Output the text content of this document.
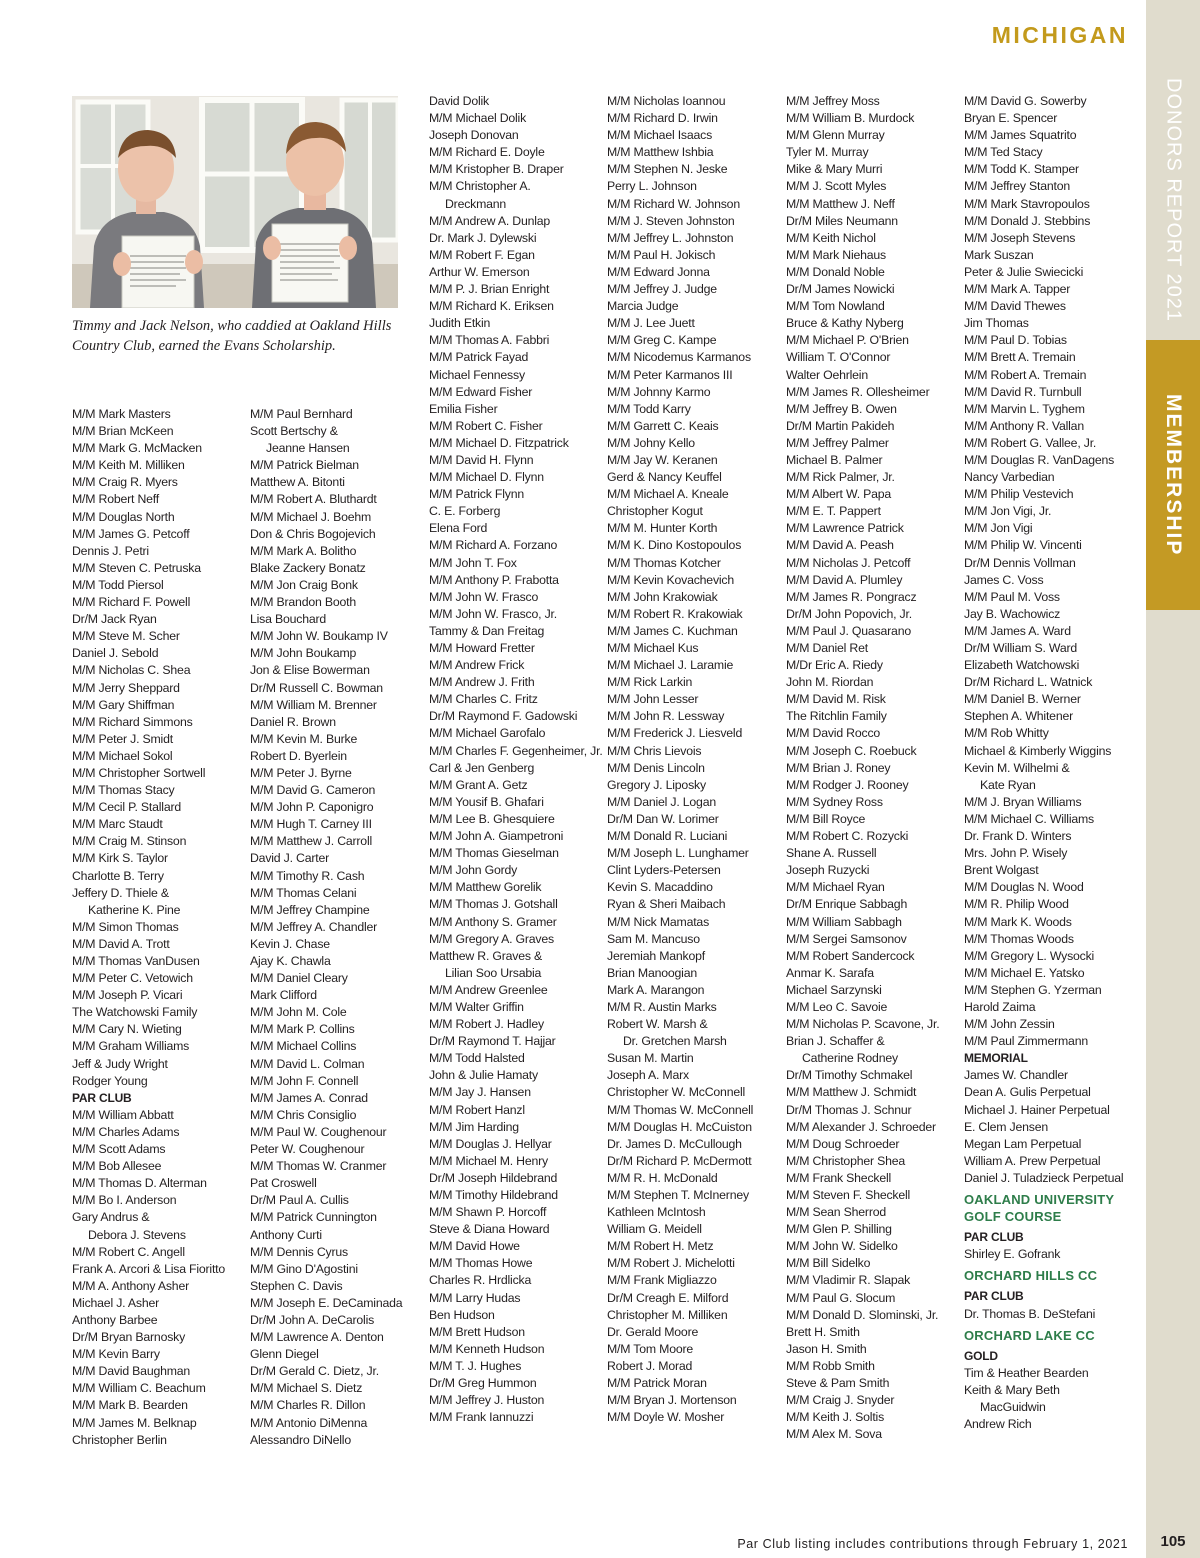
MICHIGAN
DONORS REPORT 2021
MEMBERSHIP
Timmy and Jack Nelson, who caddied at Oakland Hills Country Club, earned the Evans Scholarship.
M/M Mark Masters
M/M Brian McKeen
M/M Mark G. McMacken
M/M Keith M. Milliken
M/M Craig R. Myers
M/M Robert Neff
M/M Douglas North
M/M James G. Petcoff
Dennis J. Petri
M/M Steven C. Petruska
M/M Todd Piersol
M/M Richard F. Powell
Dr/M Jack Ryan
M/M Steve M. Scher
Daniel J. Sebold
M/M Nicholas C. Shea
M/M Jerry Sheppard
M/M Gary Shiffman
M/M Richard Simmons
M/M Peter J. Smidt
M/M Michael Sokol
M/M Christopher Sortwell
M/M Thomas Stacy
M/M Cecil P. Stallard
M/M Marc Staudt
M/M Craig M. Stinson
M/M Kirk S. Taylor
Charlotte B. Terry
Jeffery D. Thiele &
Katherine K. Pine
M/M Simon Thomas
M/M David A. Trott
M/M Thomas VanDusen
M/M Peter C. Vetowich
M/M Joseph P. Vicari
The Watchowski Family
M/M Cary N. Wieting
M/M Graham Williams
Jeff & Judy Wright
Rodger Young
PAR CLUB
M/M William Abbatt
M/M Charles Adams
M/M Scott Adams
M/M Bob Allesee
M/M Thomas D. Alterman
M/M Bo I. Anderson
Gary Andrus &
Debora J. Stevens
M/M Robert C. Angell
Frank A. Arcori & Lisa Fioritto
M/M A. Anthony Asher
Michael J. Asher
Anthony Barbee
Dr/M Bryan Barnosky
M/M Kevin Barry
M/M David Baughman
M/M William C. Beachum
M/M Mark B. Bearden
M/M James M. Belknap
Christopher Berlin
M/M Paul Bernhard
Scott Bertschy &
Jeanne Hansen
M/M Patrick Bielman
Matthew A. Bitonti
M/M Robert A. Bluthardt
M/M Michael J. Boehm
Don & Chris Bogojevich
M/M Mark A. Bolitho
Blake Zackery Bonatz
M/M Jon Craig Bonk
M/M Brandon Booth
Lisa Bouchard
M/M John W. Boukamp IV
M/M John Boukamp
Jon & Elise Bowerman
Dr/M Russell C. Bowman
M/M William M. Brenner
Daniel R. Brown
M/M Kevin M. Burke
Robert D. Byerlein
M/M Peter J. Byrne
M/M David G. Cameron
M/M John P. Caponigro
M/M Hugh T. Carney III
M/M Matthew J. Carroll
David J. Carter
M/M Timothy R. Cash
M/M Thomas Celani
M/M Jeffrey Champine
M/M Jeffrey A. Chandler
Kevin J. Chase
Ajay K. Chawla
M/M Daniel Cleary
Mark Clifford
M/M John M. Cole
M/M Mark P. Collins
M/M Michael Collins
M/M David L. Colman
M/M John F. Connell
M/M James A. Conrad
M/M Chris Consiglio
M/M Paul W. Coughenour
Peter W. Coughenour
M/M Thomas W. Cranmer
Pat Croswell
Dr/M Paul A. Cullis
M/M Patrick Cunnington
Anthony Curti
M/M Dennis Cyrus
M/M Gino D'Agostini
Stephen C. Davis
M/M Joseph E. DeCaminada
Dr/M John A. DeCarolis
M/M Lawrence A. Denton
Glenn Diegel
Dr/M Gerald C. Dietz, Jr.
M/M Michael S. Dietz
M/M Charles R. Dillon
M/M Antonio DiMenna
Alessandro DiNello
David Dolik
M/M Michael Dolik
Joseph Donovan
M/M Richard E. Doyle
M/M Kristopher B. Draper
M/M Christopher A.
Dreckmann
M/M Andrew A. Dunlap
Dr. Mark J. Dylewski
M/M Robert F. Egan
Arthur W. Emerson
M/M P. J. Brian Enright
M/M Richard K. Eriksen
Judith Etkin
M/M Thomas A. Fabbri
M/M Patrick Fayad
Michael Fennessy
M/M Edward Fisher
Emilia Fisher
M/M Robert C. Fisher
M/M Michael D. Fitzpatrick
M/M David H. Flynn
M/M Michael D. Flynn
M/M Patrick Flynn
C. E. Forberg
Elena Ford
M/M Richard A. Forzano
M/M John T. Fox
M/M Anthony P. Frabotta
M/M John W. Frasco
M/M John W. Frasco, Jr.
Tammy & Dan Freitag
M/M Howard Fretter
M/M Andrew Frick
M/M Andrew J. Frith
M/M Charles C. Fritz
Dr/M Raymond F. Gadowski
M/M Michael Garofalo
M/M Charles F. Gegenheimer, Jr.
Carl & Jen Genberg
M/M Grant A. Getz
M/M Yousif B. Ghafari
M/M Lee B. Ghesquiere
M/M John A. Giampetroni
M/M Thomas Gieselman
M/M John Gordy
M/M Matthew Gorelik
M/M Thomas J. Gotshall
M/M Anthony S. Gramer
M/M Gregory A. Graves
Matthew R. Graves &
Lilian Soo Ursabia
M/M Andrew Greenlee
M/M Walter Griffin
M/M Robert J. Hadley
Dr/M Raymond T. Hajjar
M/M Todd Halsted
John & Julie Hamaty
M/M Jay J. Hansen
M/M Robert Hanzl
M/M Jim Harding
M/M Douglas J. Hellyar
M/M Michael M. Henry
Dr/M Joseph Hildebrand
M/M Timothy Hildebrand
M/M Shawn P. Horcoff
Steve & Diana Howard
M/M David Howe
M/M Thomas Howe
Charles R. Hrdlicka
M/M Larry Hudas
Ben Hudson
M/M Brett Hudson
M/M Kenneth Hudson
M/M T. J. Hughes
Dr/M Greg Hummon
M/M Jeffrey J. Huston
M/M Frank Iannuzzi
M/M Nicholas Ioannou
M/M Richard D. Irwin
M/M Michael Isaacs
M/M Matthew Ishbia
M/M Stephen N. Jeske
Perry L. Johnson
M/M Richard W. Johnson
M/M J. Steven Johnston
M/M Jeffrey L. Johnston
M/M Paul H. Jokisch
M/M Edward Jonna
M/M Jeffrey J. Judge
Marcia Judge
M/M J. Lee Juett
M/M Greg C. Kampe
M/M Nicodemus Karmanos
M/M Peter Karmanos III
M/M Johnny Karmo
M/M Todd Karry
M/M Garrett C. Keais
M/M Johny Kello
M/M Jay W. Keranen
Gerd & Nancy Keuffel
M/M Michael A. Kneale
Christopher Kogut
M/M M. Hunter Korth
M/M K. Dino Kostopoulos
M/M Thomas Kotcher
M/M Kevin Kovachevich
M/M John Krakowiak
M/M Robert R. Krakowiak
M/M James C. Kuchman
M/M Michael Kus
M/M Michael J. Laramie
M/M Rick Larkin
M/M John Lesser
M/M John R. Lessway
M/M Frederick J. Liesveld
M/M Chris Lievois
M/M Denis Lincoln
Gregory J. Liposky
M/M Daniel J. Logan
Dr/M Dan W. Lorimer
M/M Donald R. Luciani
M/M Joseph L. Lunghamer
Clint Lyders-Petersen
Kevin S. Macaddino
Ryan & Sheri Maibach
M/M Nick Mamatas
Sam M. Mancuso
Jeremiah Mankopf
Brian Manoogian
Mark A. Marangon
M/M R. Austin Marks
Robert W. Marsh &
Dr. Gretchen Marsh
Susan M. Martin
Joseph A. Marx
Christopher W. McConnell
M/M Thomas W. McConnell
M/M Douglas H. McCuiston
Dr. James D. McCullough
Dr/M Richard P. McDermott
M/M R. H. McDonald
M/M Stephen T. McInerney
Kathleen McIntosh
William G. Meidell
M/M Robert H. Metz
M/M Robert J. Michelotti
M/M Frank Migliazzo
Dr/M Creagh E. Milford
Christopher M. Milliken
Dr. Gerald Moore
M/M Tom Moore
Robert J. Morad
M/M Patrick Moran
M/M Bryan J. Mortenson
M/M Doyle W. Mosher
M/M Jeffrey Moss
M/M William B. Murdock
M/M Glenn Murray
Tyler M. Murray
Mike & Mary Murri
M/M J. Scott Myles
M/M Matthew J. Neff
Dr/M Miles Neumann
M/M Keith Nichol
M/M Mark Niehaus
M/M Donald Noble
Dr/M James Nowicki
M/M Tom Nowland
Bruce & Kathy Nyberg
M/M Michael P. O'Brien
William T. O'Connor
Walter Oehrlein
M/M James R. Ollesheimer
M/M Jeffrey B. Owen
Dr/M Martin Pakideh
M/M Jeffrey Palmer
Michael B. Palmer
M/M Rick Palmer, Jr.
M/M Albert W. Papa
M/M E. T. Pappert
M/M Lawrence Patrick
M/M David A. Peash
M/M Nicholas J. Petcoff
M/M David A. Plumley
M/M James R. Pongracz
Dr/M John Popovich, Jr.
M/M Paul J. Quasarano
M/M Daniel Ret
M/Dr Eric A. Riedy
John M. Riordan
M/M David M. Risk
The Ritchlin Family
M/M David Rocco
M/M Joseph C. Roebuck
M/M Brian J. Roney
M/M Rodger J. Rooney
M/M Sydney Ross
M/M Bill Royce
M/M Robert C. Rozycki
Shane A. Russell
Joseph Ruzycki
M/M Michael Ryan
Dr/M Enrique Sabbagh
M/M William Sabbagh
M/M Sergei Samsonov
M/M Robert Sandercock
Anmar K. Sarafa
Michael Sarzynski
M/M Leo C. Savoie
M/M Nicholas P. Scavone, Jr.
Brian J. Schaffer &
Catherine Rodney
Dr/M Timothy Schmakel
M/M Matthew J. Schmidt
Dr/M Thomas J. Schnur
M/M Alexander J. Schroeder
M/M Doug Schroeder
M/M Christopher Shea
M/M Frank Sheckell
M/M Steven F. Sheckell
M/M Sean Sherrod
M/M Glen P. Shilling
M/M John W. Sidelko
M/M Bill Sidelko
M/M Vladimir R. Slapak
M/M Paul G. Slocum
M/M Donald D. Slominski, Jr.
Brett H. Smith
Jason H. Smith
M/M Robb Smith
Steve & Pam Smith
M/M Craig J. Snyder
M/M Keith J. Soltis
M/M Alex M. Sova
M/M David G. Sowerby
Bryan E. Spencer
M/M James Squatrito
M/M Ted Stacy
M/M Todd K. Stamper
M/M Jeffrey Stanton
M/M Mark Stavropoulos
M/M Donald J. Stebbins
M/M Joseph Stevens
Mark Suszan
Peter & Julie Swiecicki
M/M Mark A. Tapper
M/M David Thewes
Jim Thomas
M/M Paul D. Tobias
M/M Brett A. Tremain
M/M Robert A. Tremain
M/M David R. Turnbull
M/M Marvin L. Tyghem
M/M Anthony R. Vallan
M/M Robert G. Vallee, Jr.
M/M Douglas R. VanDagens
Nancy Varbedian
M/M Philip Vestevich
M/M Jon Vigi, Jr.
M/M Jon Vigi
M/M Philip W. Vincenti
Dr/M Dennis Vollman
James C. Voss
M/M Paul M. Voss
Jay B. Wachowicz
M/M James A. Ward
Dr/M William S. Ward
Elizabeth Watchowski
Dr/M Richard L. Watnick
M/M Daniel B. Werner
Stephen A. Whitener
M/M Rob Whitty
Michael & Kimberly Wiggins
Kevin M. Wilhelmi &
Kate Ryan
M/M J. Bryan Williams
M/M Michael C. Williams
Dr. Frank D. Winters
Mrs. John P. Wisely
Brent Wolgast
M/M Douglas N. Wood
M/M R. Philip Wood
M/M Mark K. Woods
M/M Thomas Woods
M/M Gregory L. Wysocki
M/M Michael E. Yatsko
M/M Stephen G. Yzerman
Harold Zaima
M/M John Zessin
M/M Paul Zimmermann
MEMORIAL
James W. Chandler
Dean A. Gulis Perpetual
Michael J. Hainer Perpetual
E. Clem Jensen
Megan Lam Perpetual
William A. Prew Perpetual
Daniel J. Tuladzieck Perpetual
OAKLAND UNIVERSITY
GOLF COURSE
PAR CLUB
Shirley E. Gofrank
ORCHARD HILLS CC
PAR CLUB
Dr. Thomas B. DeStefani
ORCHARD LAKE CC
GOLD
Tim & Heather Bearden
Keith & Mary Beth
MacGuidwin
Andrew Rich
Par Club listing includes contributions through February 1, 2021	105
